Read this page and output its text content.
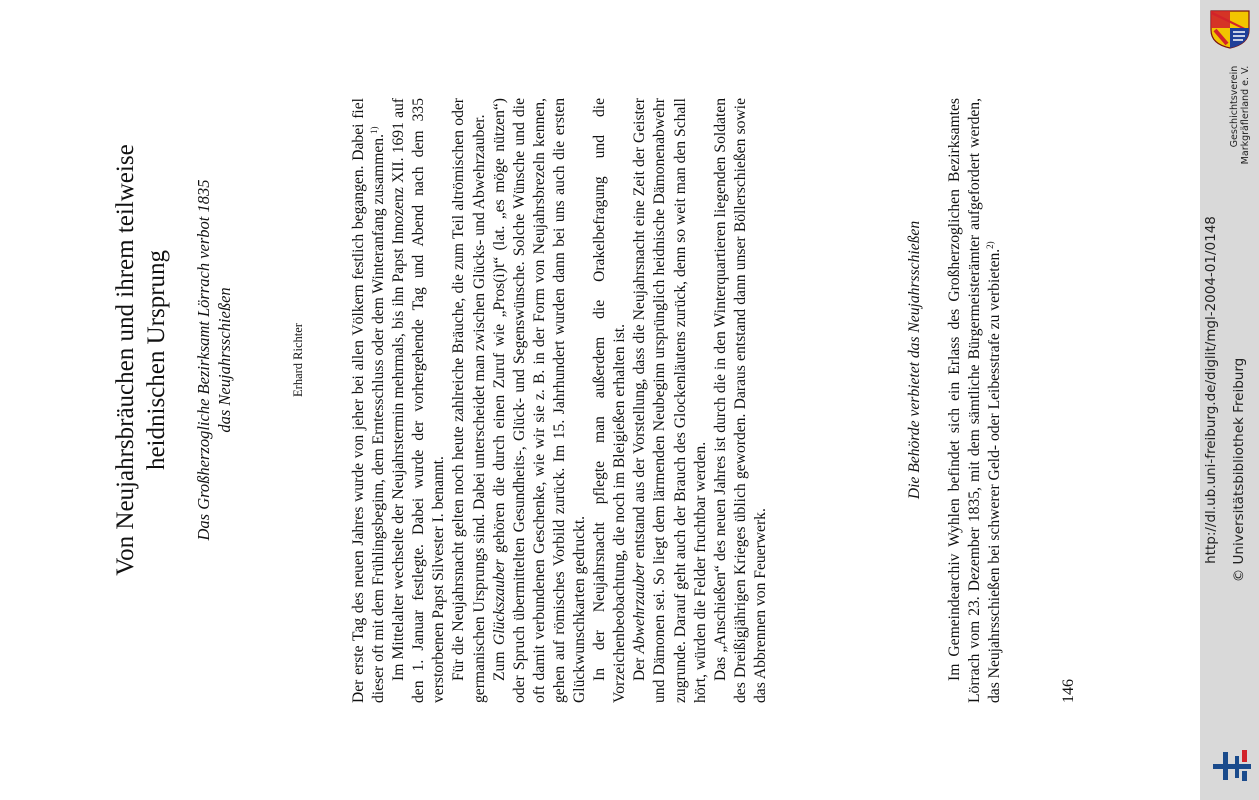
Von Neujahrsbräuchen und ihrem teilweise heidnischen Ursprung Das Großherzogliche Bezirksamt Lörrach verbot 1835 das Neujahrsschießen	Erhard Richter	Der erste Tag des neuen Jahres wurde von jeher bei allen Völkern festlich begangen. Dabei fiel dieser oft mit dem Frühlingsbeginn, dem Erntesschluss oder dem Winteranfang zusammen.$^{1)}$ Im Mittelalter wechselte der Neujahrstermin mehrmals, bis ihn Papst Innozenz XII. 1691 auf den 1. Januar festlegte. Dabei wurde der vorhergehende Tag und Abend nach dem 335 verstorbenen Papst Silvester I. benannt. Für die Neujahrsnacht gelten noch heute zahlreiche Bräuche, die zum Teil altrömischen oder germanischen Ursprungs sind. Dabei unterscheidet man zwischen Glücks- und Abwehrzauber. Zum Glückszauber gehören die durch einen Zuruf wie „Pros(i)t“ (lat. „es möge nützen“) oder Spruch übermittelten Gesundheits-, Glück- und Segenswünsche. Solche Wünsche und die oft damit verbundenen Geschenke, wie wir sie z. B. in der Form von Neujahrsbrezeln kennen, gehen auf römisches Vorbild zurück. Im 15. Jahrhundert wurden dann bei uns auch die ersten Glückwunschkarten gedruckt. In der Neujahrsnacht pflegte man außerdem die Orakelbefragung und die Vorzeichenbeobachtung, die noch im Bleigießen erhalten ist. Der Abwehrzauber entstand aus der Vorstellung, dass die Neujahrsnacht eine Zeit der Geister und Dämonen sei. So liegt dem lärmenden Neubeginn ursprünglich heidnische Dämonenabwehr zugrunde. Darauf geht auch der Brauch des Glockenläutens zurück, denn so weit man den Schall hört, würden die Felder fruchtbar werden. Das „Anschießen“ des neuen Jahres ist durch die in den Winterquartieren liegenden Soldaten des Dreißigjährigen Krieges üblich geworden. Daraus entstand dann unser Böllerschießen sowie das Abbrennen von Feuerwerk.

Die Behörde verbietet das Neujahrsschießen Im Gemeindearchiv Wyhlen befindet sich ein Erlass des Großherzoglichen Bezirksamtes Lörrach vom 23. Dezember 1835, mit dem sämtliche Bürgermeisterämter aufgefordert werden, das Neujahrsschießen bei schwerer Geld- oder Leibesstrafe zu verbieten.$^{2)}$
146
Geschichtsverein
Markgräflerland e. V.
http://dl.ub.uni-freiburg.de/diglit/mgl-2004-01/0148 © Universitätsbibliothek Freiburg
